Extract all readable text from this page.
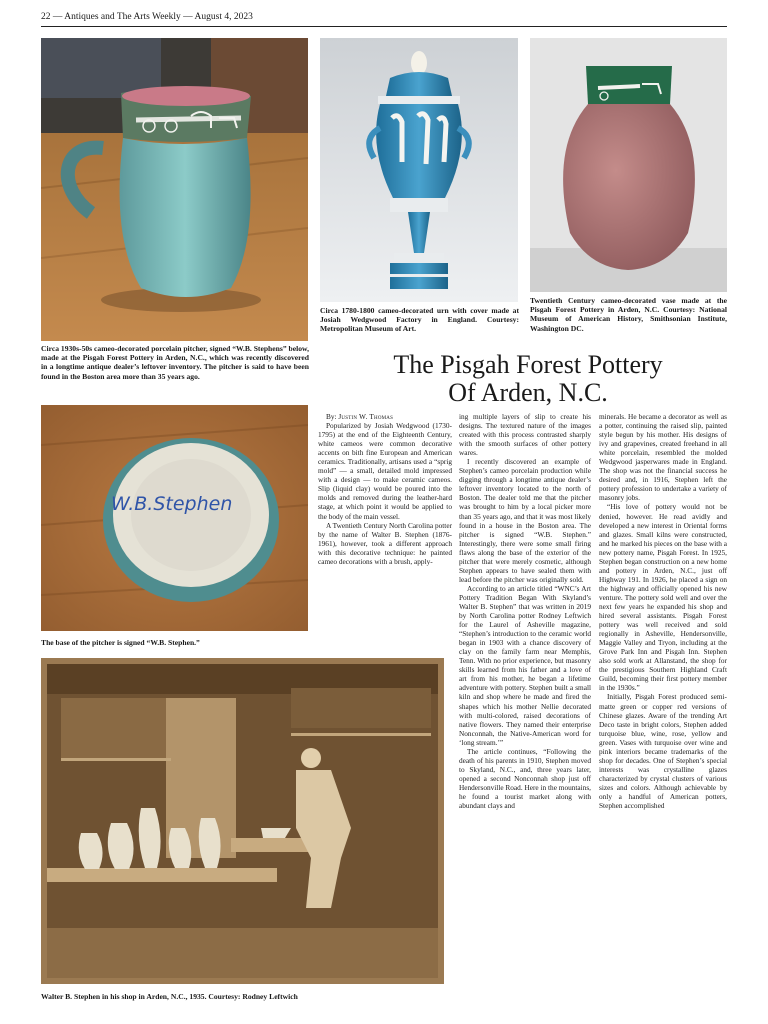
22 — Antiques and The Arts Weekly — August 4, 2023
Circa 1930s-50s cameo-decorated porcelain pitcher, signed “W.B. Stephens” below, made at the Pisgah Forest Pottery in Arden, N.C., which was recently discovered in a longtime antique dealer’s leftover inventory. The pitcher is said to have been found in the Boston area more than 35 years ago.
Circa 1780-1800 cameo-decorated urn with cover made at Josiah Wedgwood Factory in England. Courtesy: Metropolitan Museum of Art.
Twentieth Century cameo-decorated vase made at the Pisgah Forest Pottery in Arden, N.C. Courtesy: National Museum of American History, Smithsonian Institute, Washington DC.
The Pisgah Forest Pottery
Of Arden, N.C.
W.B.Stephen
The base of the pitcher is signed “W.B. Stephen.”
Walter B. Stephen in his shop in Arden, N.C., 1935. Courtesy: Rodney Leftwich
By: Justin W. Thomas

Popularized by Josiah Wedgwood (1730-1795) at the end of the Eighteenth Century, white cameos were common decorative accents on bith fine European and American ceramics. Traditionally, artisans used a “sprig mold” — a small, detailed mold impressed with a design — to make ceramic cameos. Slip (liquid clay) would be poured into the molds and removed during the leather-hard stage, at which point it would be applied to the body of the main vessel.

A Twentieth Century North Carolina potter by the name of Walter B. Stephen (1876-1961), however, took a different approach with this decorative technique: he painted cameo decorations with a brush, apply-

ing multiple layers of slip to create his designs. The textured nature of the images created with this process contrasted sharply with the smooth surfaces of other pottery wares.

I recently discovered an example of Stephen’s cameo porcelain production while digging through a longtime antique dealer’s leftover inventory located to the north of Boston. The dealer told me that the pitcher was brought to him by a local picker more than 35 years ago, and that it was most likely found in a house in the Boston area. The pitcher is signed “W.B. Stephen.” Interestingly, there were some small firing flaws along the base of the exterior of the pitcher that were merely cosmetic, although Stephen appears to have sealed them with lead before the pitcher was originally sold.

According to an article titled “WNC’s Art Pottery Tradition Began With Skyland’s Walter B. Stephen” that was written in 2019 by North Carolina potter Rodney Leftwich for the Laurel of Asheville magazine, “Stephen’s introduction to the ceramic world began in 1903 with a chance discovery of clay on the family farm near Memphis, Tenn. With no prior experience, but masonry skills learned from his father and a love of art from his mother, he began a lifetime adventure with pottery. Stephen built a small kiln and shop where he made and fired the shapes which his mother Nellie decorated with multi-colored, raised decorations of native flowers. They named their enterprise Nonconnah, the Native-American word for ‘long stream.’”

The article continues, “Following the death of his parents in 1910, Stephen moved to Skyland, N.C., and, three years later, opened a second Nonconnah shop just off Hendersonville Road. Here in the mountains, he found a tourist market along with abundant clays and

minerals. He became a decorator as well as a potter, continuing the raised slip, painted style begun by his mother. His designs of ivy and grapevines, created freehand in all white porcelain, resembled the molded Wedgwood jasperwares made in England. The shop was not the financial success he desired and, in 1916, Stephen left the pottery profession to undertake a variety of masonry jobs.

“His love of pottery would not be denied, however. He read avidly and developed a new interest in Oriental forms and glazes. Small kilns were constructed, and he marked his pieces on the base with a new pottery name, Pisgah Forest. In 1925, Stephen began construction on a new home and pottery in Arden, N.C., just off Highway 191. In 1926, he placed a sign on the highway and officially opened his new venture. The pottery sold well and over the next few years he expanded his shop and hired several assistants. Pisgah Forest pottery was well received and sold regionally in Asheville, Hendersonville, Maggie Valley and Tryon, including at the Grove Park Inn and Pisgah Inn. Stephen also sold work at Allanstand, the shop for the prestigious Southern Highland Craft Guild, becoming their first pottery member in the 1930s.”

Initially, Pisgah Forest produced semi-matte green or copper red versions of Chinese glazes. Aware of the trending Art Deco taste in bright colors, Stephen added turquoise blue, wine, rose, yellow and green. Vases with turquoise over wine and pink interiors became trademarks of the shop for decades. One of Stephen’s special interests was crystalline glazes characterized by crystal clusters of various sizes and colors. Although achievable by only a handful of American potters, Stephen accomplished
